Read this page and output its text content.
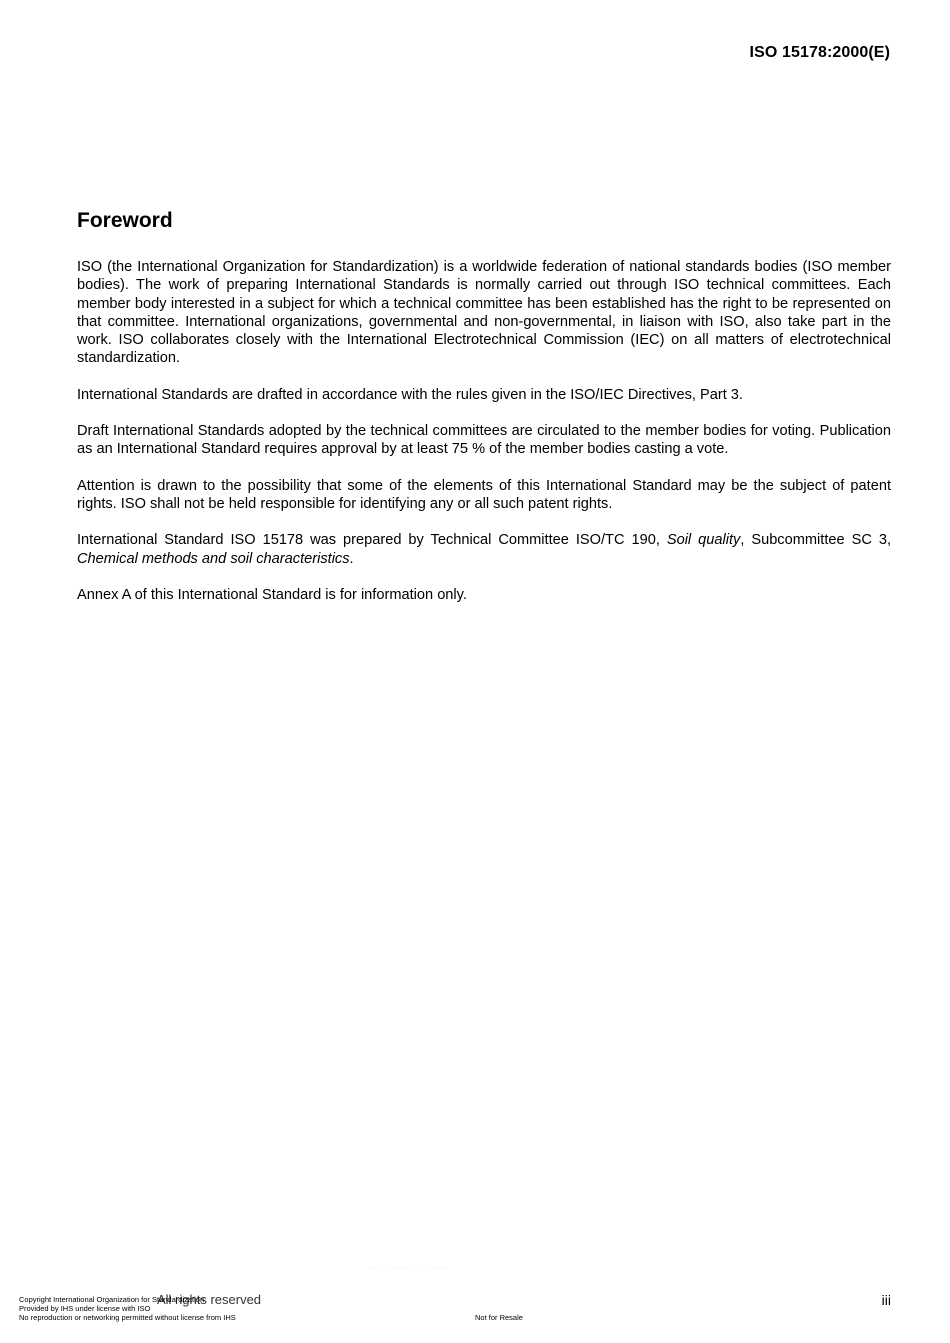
ISO 15178:2000(E)
Foreword

ISO (the International Organization for Standardization) is a worldwide federation of national standards bodies (ISO member bodies). The work of preparing International Standards is normally carried out through ISO technical committees. Each member body interested in a subject for which a technical committee has been established has the right to be represented on that committee. International organizations, governmental and non-governmental, in liaison with ISO, also take part in the work. ISO collaborates closely with the International Electrotechnical Commission (IEC) on all matters of electrotechnical standardization.

International Standards are drafted in accordance with the rules given in the ISO/IEC Directives, Part 3.

Draft International Standards adopted by the technical committees are circulated to the member bodies for voting. Publication as an International Standard requires approval by at least 75 % of the member bodies casting a vote.

Attention is drawn to the possibility that some of the elements of this International Standard may be the subject of patent rights. ISO shall not be held responsible for identifying any or all such patent rights.

International Standard ISO 15178 was prepared by Technical Committee ISO/TC 190, Soil quality, Subcommittee SC 3, Chemical methods and soil characteristics.

Annex A of this International Standard is for information only.

·· ·· ····· ·· ···· · ·· ···
All rights reserved	iii
Copyright International Organization for Standardization
Provided by IHS under license with ISO
No reproduction or networking permitted without license from IHS	Not for Resale
